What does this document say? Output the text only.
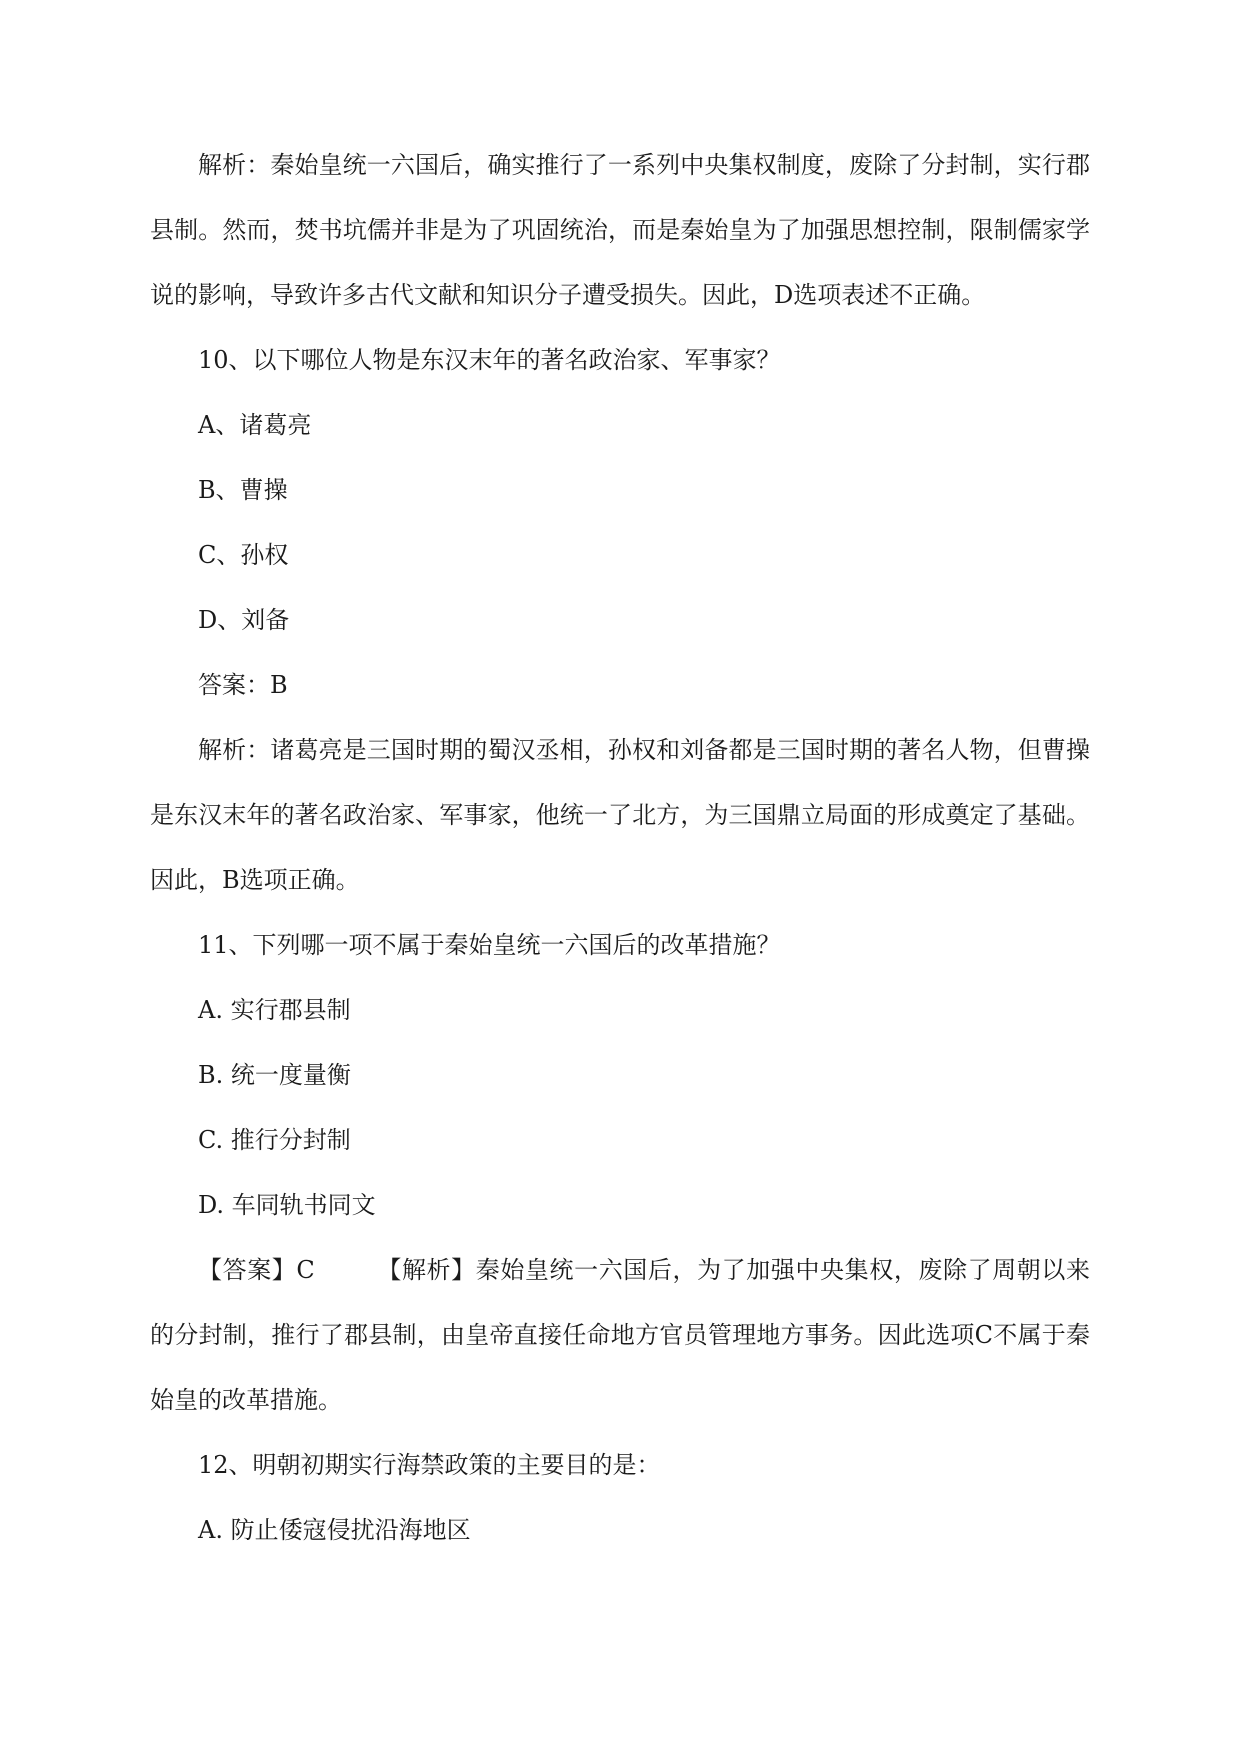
解析：秦始皇统一六国后，确实推行了一系列中央集权制度，废除了分封制，实行郡县制。然而，焚书坑儒并非是为了巩固统治，而是秦始皇为了加强思想控制，限制儒家学说的影响，导致许多古代文献和知识分子遭受损失。因此，D选项表述不正确。

10、以下哪位人物是东汉末年的著名政治家、军事家？

A、诸葛亮

B、曹操

C、孙权

D、刘备

答案：B

解析：诸葛亮是三国时期的蜀汉丞相，孙权和刘备都是三国时期的著名人物，但曹操是东汉末年的著名政治家、军事家，他统一了北方，为三国鼎立局面的形成奠定了基础。因此，B选项正确。

11、下列哪一项不属于秦始皇统一六国后的改革措施？

A. 实行郡县制

B. 统一度量衡

C. 推行分封制

D. 车同轨书同文

【答案】C	【解析】秦始皇统一六国后，为了加强中央集权，废除了周朝以来的分封制，推行了郡县制，由皇帝直接任命地方官员管理地方事务。因此选项C不属于秦始皇的改革措施。

12、明朝初期实行海禁政策的主要目的是：

A. 防止倭寇侵扰沿海地区
